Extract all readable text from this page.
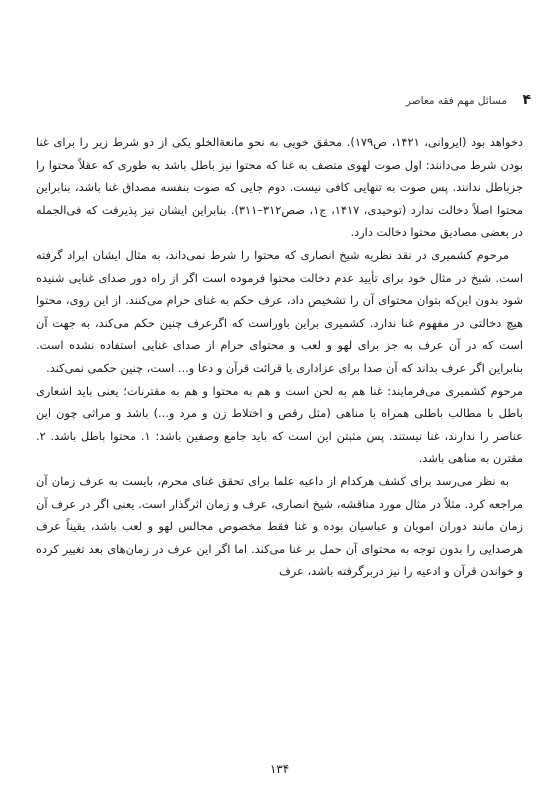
۴
مسائل مهم فقه معاصر

دخواهد بود (ایروانی، ۱۴۲۱، ص۱۷۹). محقق خویی به نحو مانعةالخلو یکی از دو شرط زیر را برای غنا بودن شرط می‌دانند: اول صوت لهوی متصف به غنا که محتوا نیز باطل باشد به طوری که عقلاً محتوا را جزباطل ندانند. پس صوت به تنهایی کافی نیست. دوم جایی که صوت بنفسه مصداق غنا باشد، بنابراین محتوا اصلاً دخالت ندارد (توحیدی، ۱۴۱۷، ج۱، صص۳۱۲–۳۱۱). بنابراین ایشان نیز پذیرفت که فی‌الجمله در بعضی مصادیق محتوا دخالت دارد.

مرحوم کشمیری در نقد نظریه شیخ انصاری که محتوا را شرط نمی‌داند، به مثال ایشان ایراد گرفته است. شیخ در مثال خود برای تأیید عدم دخالت محتوا فرموده است اگر از راه دور صدای غنایی شنیده شود بدون این‌که بتوان محتوای آن را تشخیص داد، عرف حکم به غنای حرام می‌کنند. از این روی، محتوا هیچ دخالتی در مفهوم غنا ندارد. کشمیری براین باوراست که اگرعرف چنین حکم می‌کند، به جهت آن است که در آن عرف به جز برای لهو و لعب و محتوای حرام از صدای غنایی استفاده نشده است. بنابراین اگر عرف بداند که آن صدا برای عزاداری یا قرائت قرآن و دعا و... است، چنین حکمی نمی‌کند.

مرحوم کشمیری می‌فرمایند: غنا هم به لحن است و هم به محتوا و هم به مقترنات؛ یعنی باید اشعاری باطل با مطالب باطلی همراه با مناهی (مثل رقص و اختلاط زن و مرد و...) باشد و مراثی چون این عناصر را ندارند، غنا نیستند. پس مثبتن این است که باید جامع وصفین باشد: ۱. محتوا باطل باشد. ۲. مقترن به مناهی باشد.

به نظر می‌رسد برای کشف هرکدام از داعیه علما برای تحقق غنای محرم، بایست به عرف زمان آن مراجعه کرد. مثلاً در مثال مورد مناقشه، شیخ انصاری، عرف و زمان اثرگذار است. یعنی اگر در عرف آن زمان مانند دوران امویان و عباسیان بوده و غنا فقط مخصوص مجالس لهو و لعب باشد، یقیناً عرف هرصدایی را بدون توجه به محتوای آن حمل بر غنا می‌کند. اما اگر این عرف در زمان‌های بعد تغییر کرده و خواندن قرآن و ادعیه را نیز دربرگرفته باشد، عرف

۱۳۴
